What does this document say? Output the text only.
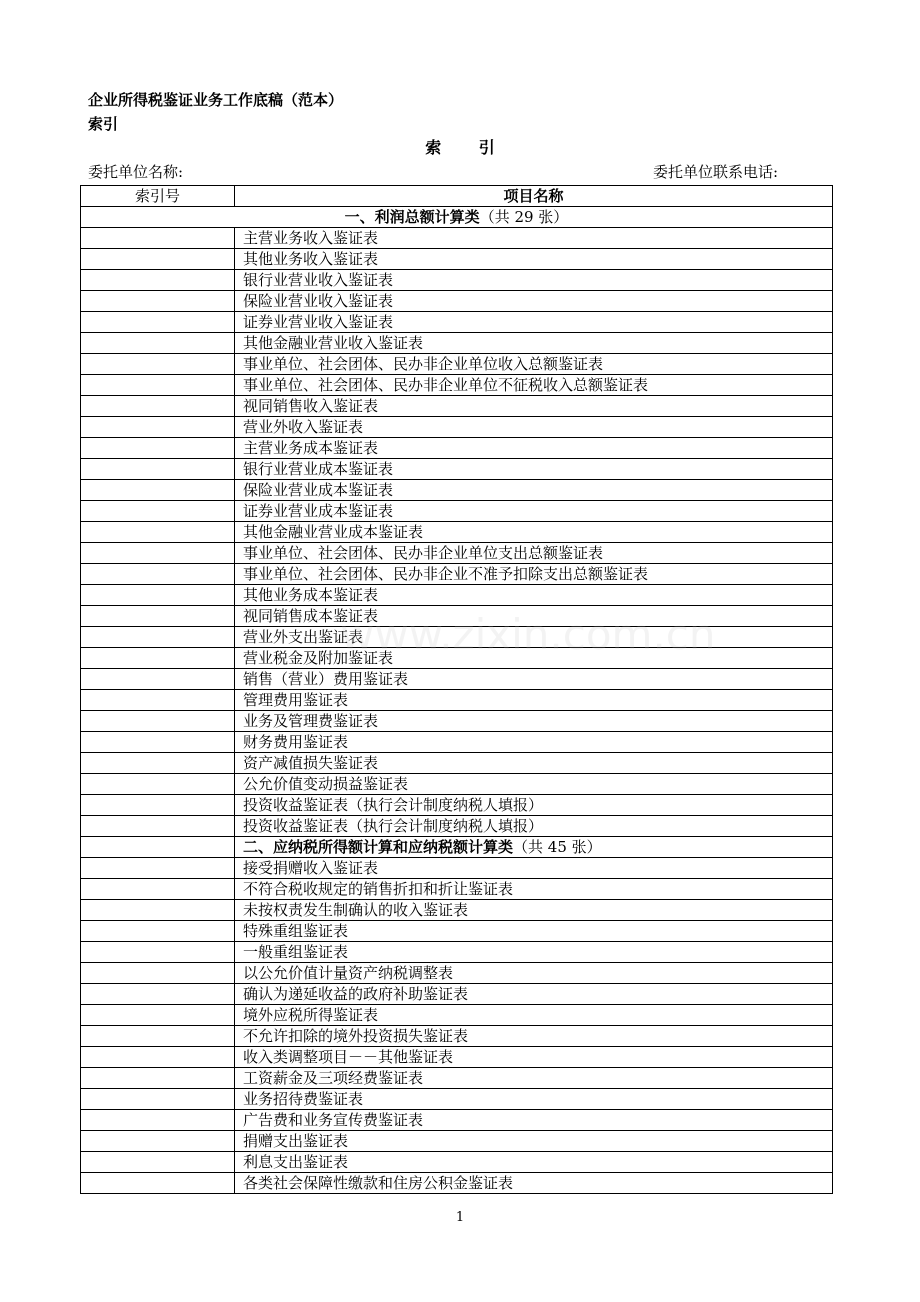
企业所得税鉴证业务工作底稿（范本）
索引
索 引
委托单位名称:	委托单位联系电话:
索引号	项目名称
一、利润总额计算类（共 29 张）	
	主营业务收入鉴证表
	其他业务收入鉴证表
	银行业营业收入鉴证表
	保险业营业收入鉴证表
	证券业营业收入鉴证表
	其他金融业营业收入鉴证表
	事业单位、社会团体、民办非企业单位收入总额鉴证表
	事业单位、社会团体、民办非企业单位不征税收入总额鉴证表
	视同销售收入鉴证表
	营业外收入鉴证表
	主营业务成本鉴证表
	银行业营业成本鉴证表
	保险业营业成本鉴证表
	证券业营业成本鉴证表
	其他金融业营业成本鉴证表
	事业单位、社会团体、民办非企业单位支出总额鉴证表
	事业单位、社会团体、民办非企业不准予扣除支出总额鉴证表
	其他业务成本鉴证表
	视同销售成本鉴证表
	营业外支出鉴证表
	营业税金及附加鉴证表
	销售（营业）费用鉴证表
	管理费用鉴证表
	业务及管理费鉴证表
	财务费用鉴证表
	资产减值损失鉴证表
	公允价值变动损益鉴证表
	投资收益鉴证表（执行会计制度纳税人填报）
	投资收益鉴证表（执行会计制度纳税人填报）
	二、应纳税所得额计算和应纳税额计算类（共 45 张）
	接受捐赠收入鉴证表
	不符合税收规定的销售折扣和折让鉴证表
	未按权责发生制确认的收入鉴证表
	特殊重组鉴证表
	一般重组鉴证表
	以公允价值计量资产纳税调整表
	确认为递延收益的政府补助鉴证表
	境外应税所得鉴证表
	不允许扣除的境外投资损失鉴证表
	收入类调整项目－－其他鉴证表
	工资薪金及三项经费鉴证表
	业务招待费鉴证表
	广告费和业务宣传费鉴证表
	捐赠支出鉴证表
	利息支出鉴证表
	各类社会保障性缴款和住房公积金鉴证表
www.zixin.com.cn
1
